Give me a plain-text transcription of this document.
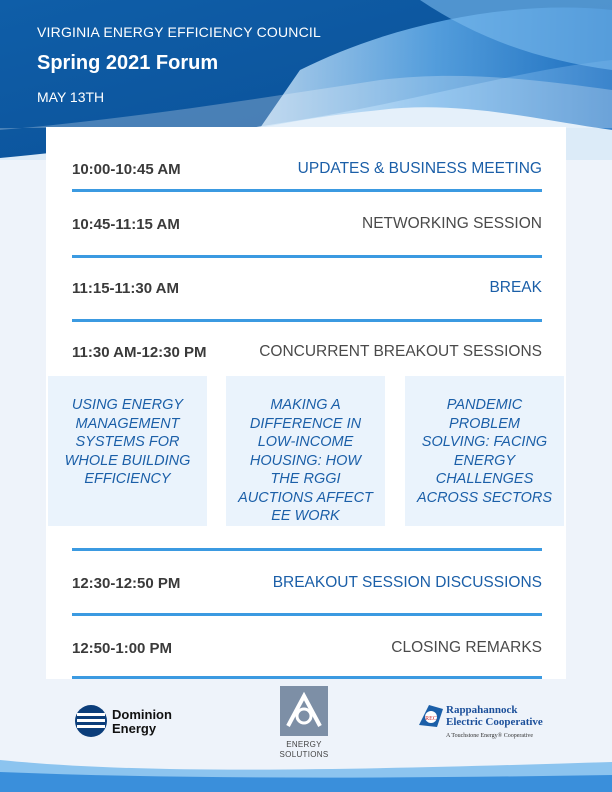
VIRGINIA ENERGY EFFICIENCY COUNCIL
Spring 2021 Forum
MAY 13TH
10:00-10:45 AM	UPDATES & BUSINESS MEETING
10:45-11:15 AM	NETWORKING SESSION
11:15-11:30 AM	BREAK
11:30 AM-12:30 PM	CONCURRENT BREAKOUT SESSIONS
USING ENERGY MANAGEMENT SYSTEMS FOR WHOLE BUILDING EFFICIENCY
MAKING A DIFFERENCE IN LOW-INCOME HOUSING: HOW THE RGGI AUCTIONS AFFECT EE WORK
PANDEMIC PROBLEM SOLVING: FACING ENERGY CHALLENGES ACROSS SECTORS
12:30-12:50 PM	BREAKOUT SESSION DISCUSSIONS
12:50-1:00 PM	CLOSING REMARKS
Dominion
Energy
ENERGY
SOLUTIONS
REC
Rappahannock
Electric Cooperative
A Touchstone Energy® Cooperative
